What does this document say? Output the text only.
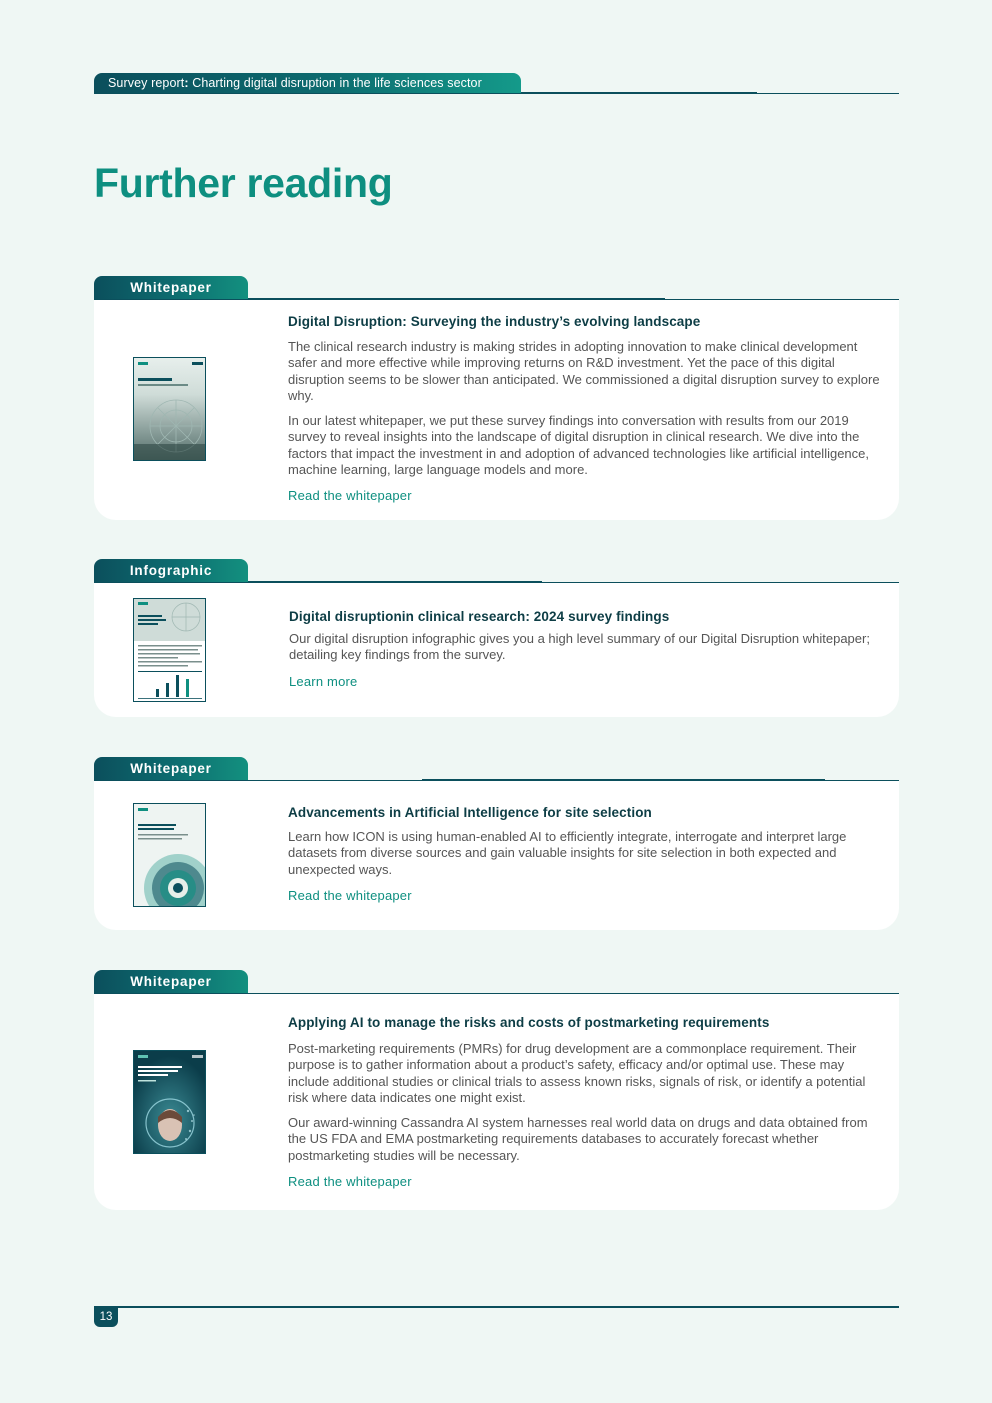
Survey report: Charting digital disruption in the life sciences sector
Further reading
Whitepaper
Digital Disruption: Surveying the industry’s evolving landscape

The clinical research industry is making strides in adopting innovation to make clinical development safer and more effective while improving returns on R&D investment. Yet the pace of this digital disruption seems to be slower than anticipated. We commissioned a digital disruption survey to explore why.

In our latest whitepaper, we put these survey findings into conversation with results from our 2019 survey to reveal insights into the landscape of digital disruption in clinical research. We dive into the factors that impact the investment in and adoption of advanced technologies like artificial intelligence, machine learning, large language models and more.

Read the whitepaper
Infographic
Digital disruptionin clinical research: 2024 survey findings

Our digital disruption infographic gives you a high level summary of our Digital Disruption whitepaper; detailing key findings from the survey.

Learn more
Whitepaper
Advancements in Artificial Intelligence for site selection

Learn how ICON is using human-enabled AI to efficiently integrate, interrogate and interpret large datasets from diverse sources and gain valuable insights for site selection in both expected and unexpected ways.

Read the whitepaper
Whitepaper
Applying AI to manage the risks and costs of postmarketing requirements

Post-marketing requirements (PMRs) for drug development are a commonplace requirement. Their purpose is to gather information about a product’s safety, efficacy and/or optimal use. These may include additional studies or clinical trials to assess known risks, signals of risk, or identify a potential risk where data indicates one might exist.

Our award-winning Cassandra AI system harnesses real world data on drugs and data obtained from the US FDA and EMA postmarketing requirements databases to accurately forecast whether postmarketing studies will be necessary.

Read the whitepaper
13
